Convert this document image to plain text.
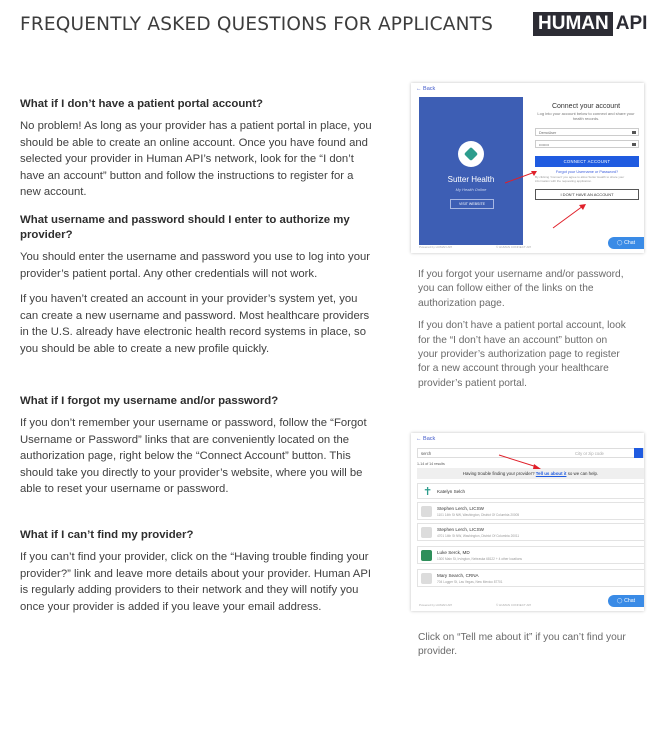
FREQUENTLY ASKED QUESTIONS FOR APPLICANTS HUMAN API
What if I don’t have a patient portal account?

No problem! As long as your provider has a patient portal in place, you should be able to create an online account. Once you have found and selected your provider in Human API’s network, look for the “I don’t have an account” button and follow the instructions to register for a new account.

What username and password should I enter to authorize my provider?

You should enter the username and password you use to log into your provider’s patient portal. Any other credentials will not work.

If you haven’t created an account in your provider’s system yet, you can create a new username and password. Most healthcare providers in the U.S. already have electronic health record systems in place, so you should be able to create a new profile quickly.

What if I forgot my username and/or password?

If you don’t remember your username or password, follow the “Forgot Username or Password” links that are conveniently located on the authorization page, right below the “Connect Account” button. This should take you directly to your provider’s website, where you will be able to reset your username or password.

What if I can’t find my provider?

If you can’t find your provider, click on the “Having trouble finding your provider?” link and leave more details about your provider. Human API is regularly adding providers to their network and they will notify you once your provider is added if you leave your email address.

← Back
Sutter Health
My Health Online
VISIT WEBSITE
Connect your account
Log into your account below to connect and share your health records.
DemoUser
••••••••
CONNECT ACCOUNT
Forgot your Username or Password?
By clicking 'Connect' you agree to allow Sutter Health to share your information with the requesting application.
I DON'T HAVE AN ACCOUNT
Powered by HUMAN API	© HUMAN CONNECT API
◯ Chat

If you forgot your username and/or password, you can follow either of the links on the authorization page.

If you don’t have a patient portal account, look for the “I don’t have an account” button on your provider’s authorization page to register for a new account through your healthcare provider’s patient portal.

← Back
serch	City or zip code
1-14 of 14 results
Having trouble finding your provider? Tell us about it so we can help.
✝ Katelyn Selch
Stephen Lerch, LICSW
1101 14th St NW, Washington, District Of Columbia 20005
Stephen Lerch, LICSW
4701 14th St NW, Washington, District Of Columbia 20011
Luke Serck, MD
1300 Main St, Irvington, Nebraska 68122 + 4 other locations
Mary Search, CRNA
704 Lugger St, Las Vegas, New Mexico 87701
Powered by HUMAN API	© HUMAN CONNECT API
◯ Chat

Click on “Tell me about it” if you can’t find your provider.
